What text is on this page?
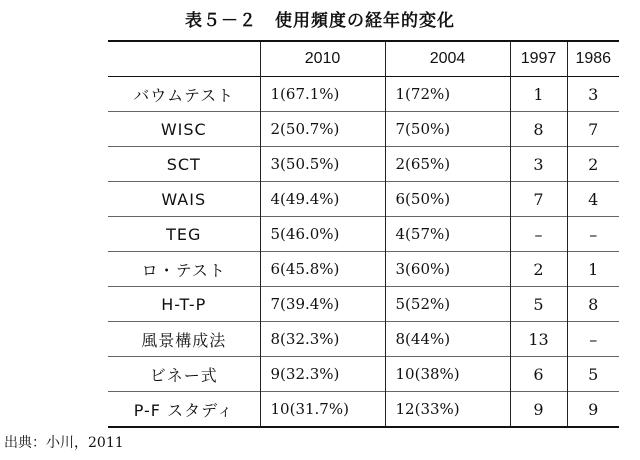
表５－２　使用頻度の経年的変化
	2010	2004	1997	1986
バウムテスト	1(67.1%)	1(72%)	1	3
WISC	2(50.7%)	7(50%)	8	7
SCT	3(50.5%)	2(65%)	3	2
WAIS	4(49.4%)	6(50%)	7	4
TEG	5(46.0%)	4(57%)	–	–
ロ・テスト	6(45.8%)	3(60%)	2	1
H-T-P	7(39.4%)	5(52%)	5	8
風景構成法	8(32.3%)	8(44%)	13	–
ビネー式	9(32.3%)	10(38%)	6	5
P-F スタディ	10(31.7%)	12(33%)	9	9
出典：小川，2011
